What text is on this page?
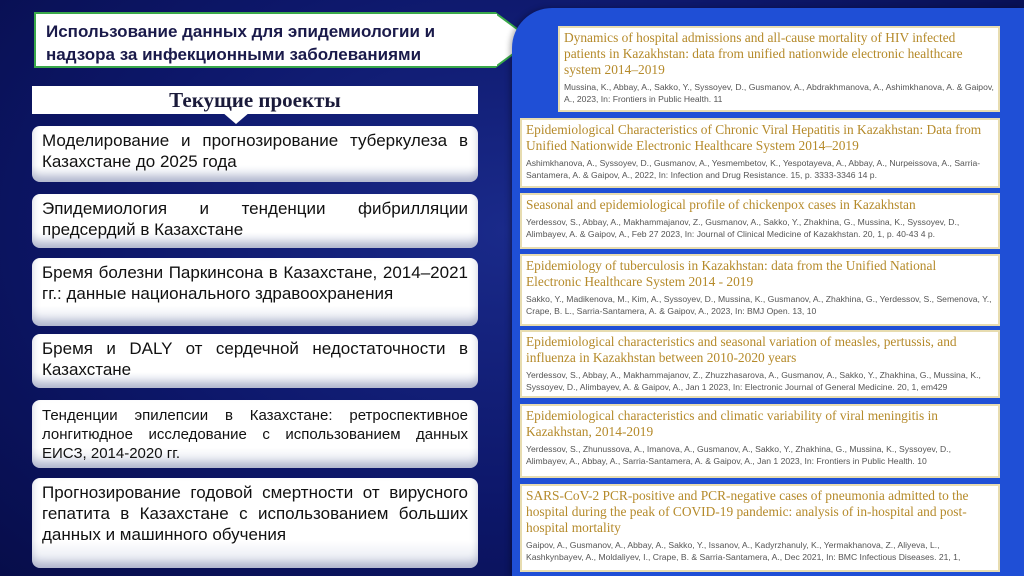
Использование данных для эпидемиологии и надзора за инфекционными заболеваниями
Текущие проекты
Моделирование и прогнозирование туберкулеза в Казахстане до 2025 года
Эпидемиология и тенденции фибрилляции предсердий в Казахстане
Бремя болезни Паркинсона в Казахстане, 2014–2021 гг.: данные национального здравоохранения
Бремя и DALY от сердечной недостаточности в Казахстане
Тенденции эпилепсии в Казахстане: ретроспективное лонгитюдное исследование с использованием данных ЕИСЗ, 2014-2020 гг.
Прогнозирование годовой смертности от вирусного гепатита в Казахстане с использованием больших данных и машинного обучения
Dynamics of hospital admissions and all-cause mortality of HIV infected patients in Kazakhstan: data from unified nationwide electronic healthcare system 2014–2019
Mussina, K., Abbay, A., Sakko, Y., Syssoyev, D., Gusmanov, A., Abdrakhmanova, A., Ashimkhanova, A. & Gaipov, A., 2023, In: Frontiers in Public Health. 11
Epidemiological Characteristics of Chronic Viral Hepatitis in Kazakhstan: Data from Unified Nationwide Electronic Healthcare System 2014–2019
Ashimkhanova, A., Syssoyev, D., Gusmanov, A., Yesmembetov, K., Yespotayeva, A., Abbay, A., Nurpeissova, A., Sarria-Santamera, A. & Gaipov, A., 2022, In: Infection and Drug Resistance. 15, p. 3333-3346 14 p.
Seasonal and epidemiological profile of chickenpox cases in Kazakhstan
Yerdessov, S., Abbay, A., Makhammajanov, Z., Gusmanov, A., Sakko, Y., Zhakhina, G., Mussina, K., Syssoyev, D., Alimbayev, A. & Gaipov, A., Feb 27 2023, In: Journal of Clinical Medicine of Kazakhstan. 20, 1, p. 40-43 4 p.
Epidemiology of tuberculosis in Kazakhstan: data from the Unified National Electronic Healthcare System 2014 - 2019
Sakko, Y., Madikenova, M., Kim, A., Syssoyev, D., Mussina, K., Gusmanov, A., Zhakhina, G., Yerdessov, S., Semenova, Y., Crape, B. L., Sarria-Santamera, A. & Gaipov, A., 2023, In: BMJ Open. 13, 10
Epidemiological characteristics and seasonal variation of measles, pertussis, and influenza in Kazakhstan between 2010-2020 years
Yerdessov, S., Abbay, A., Makhammajanov, Z., Zhuzzhasarova, A., Gusmanov, A., Sakko, Y., Zhakhina, G., Mussina, K., Syssoyev, D., Alimbayev, A. & Gaipov, A., Jan 1 2023, In: Electronic Journal of General Medicine. 20, 1, em429
Epidemiological characteristics and climatic variability of viral meningitis in Kazakhstan, 2014-2019
Yerdessov, S., Zhunussova, A., Imanova, A., Gusmanov, A., Sakko, Y., Zhakhina, G., Mussina, K., Syssoyev, D., Alimbayev, A., Abbay, A., Sarria-Santamera, A. & Gaipov, A., Jan 1 2023, In: Frontiers in Public Health. 10
SARS-CoV-2 PCR-positive and PCR-negative cases of pneumonia admitted to the hospital during the peak of COVID-19 pandemic: analysis of in-hospital and post-hospital mortality
Gaipov, A., Gusmanov, A., Abbay, A., Sakko, Y., Issanov, A., Kadyrzhanuly, K., Yermakhanova, Z., Aliyeva, L., Kashkynbayev, A., Moldaliyev, I., Crape, B. & Sarria-Santamera, A., Dec 2021, In: BMC Infectious Diseases. 21, 1,
